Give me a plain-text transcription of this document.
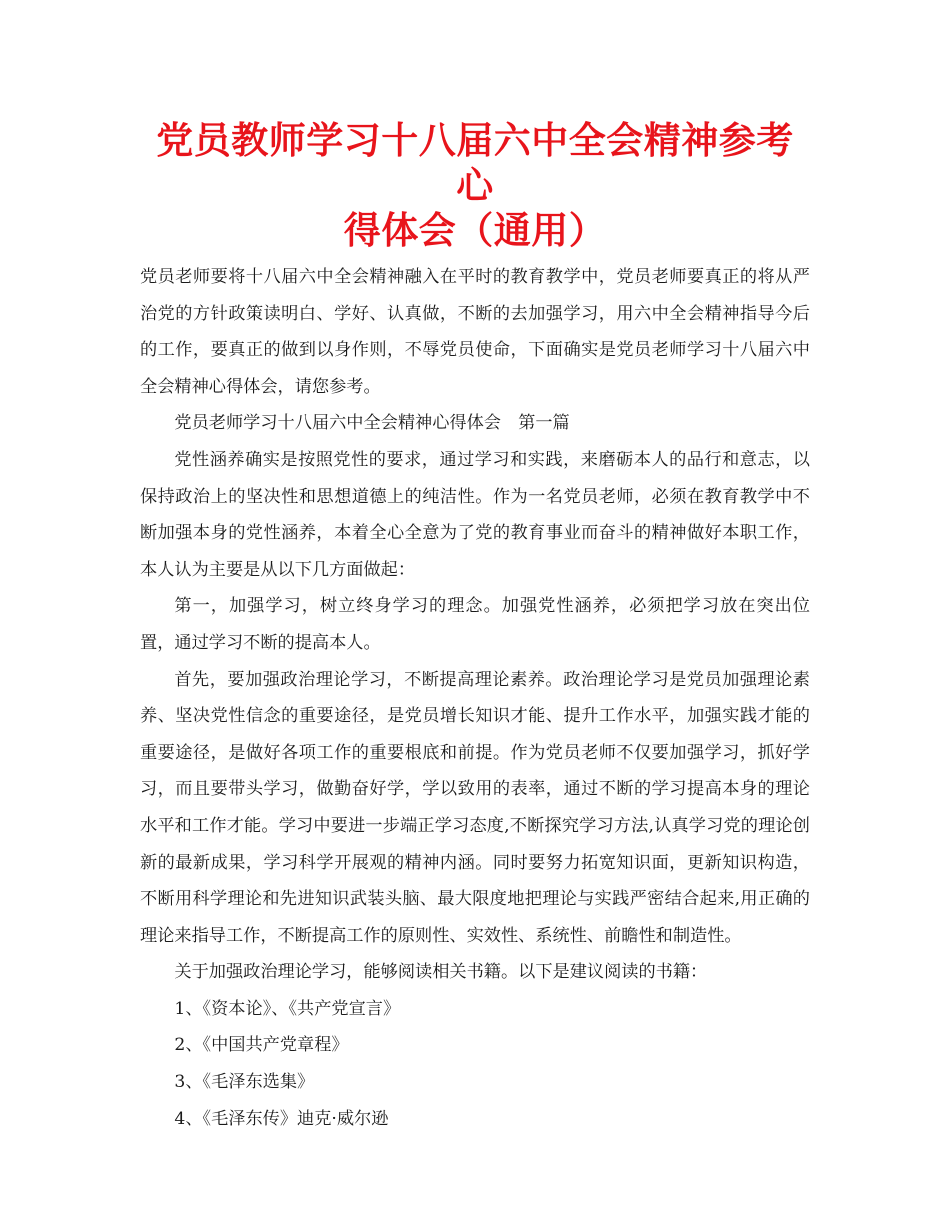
党员教师学习十八届六中全会精神参考心
得体会（通用）

党员老师要将十八届六中全会精神融入在平时的教育教学中，党员老师要真正的将从严治党的方针政策读明白、学好、认真做，不断的去加强学习，用六中全会精神指导今后的工作，要真正的做到以身作则，不辱党员使命，下面确实是党员老师学习十八届六中全会精神心得体会，请您参考。

党员老师学习十八届六中全会精神心得体会　第一篇

党性涵养确实是按照党性的要求，通过学习和实践，来磨砺本人的品行和意志，以保持政治上的坚决性和思想道德上的纯洁性。作为一名党员老师，必须在教育教学中不断加强本身的党性涵养，本着全心全意为了党的教育事业而奋斗的精神做好本职工作，本人认为主要是从以下几方面做起：

第一，加强学习，树立终身学习的理念。加强党性涵养，必须把学习放在突出位置，通过学习不断的提高本人。

首先，要加强政治理论学习，不断提高理论素养。政治理论学习是党员加强理论素养、坚决党性信念的重要途径，是党员增长知识才能、提升工作水平，加强实践才能的重要途径，是做好各项工作的重要根底和前提。作为党员老师不仅要加强学习，抓好学习，而且要带头学习，做勤奋好学，学以致用的表率，通过不断的学习提高本身的理论水平和工作才能。学习中要进一步端正学习态度,不断探究学习方法,认真学习党的理论创新的最新成果，学习科学开展观的精神内涵。同时要努力拓宽知识面，更新知识构造，不断用科学理论和先进知识武装头脑、最大限度地把理论与实践严密结合起来,用正确的理论来指导工作，不断提高工作的原则性、实效性、系统性、前瞻性和制造性。

关于加强政治理论学习，能够阅读相关书籍。以下是建议阅读的书籍：

1、《资本论》、《共产党宣言》

2、《中国共产党章程》

3、《毛泽东选集》

4、《毛泽东传》迪克·威尔逊
